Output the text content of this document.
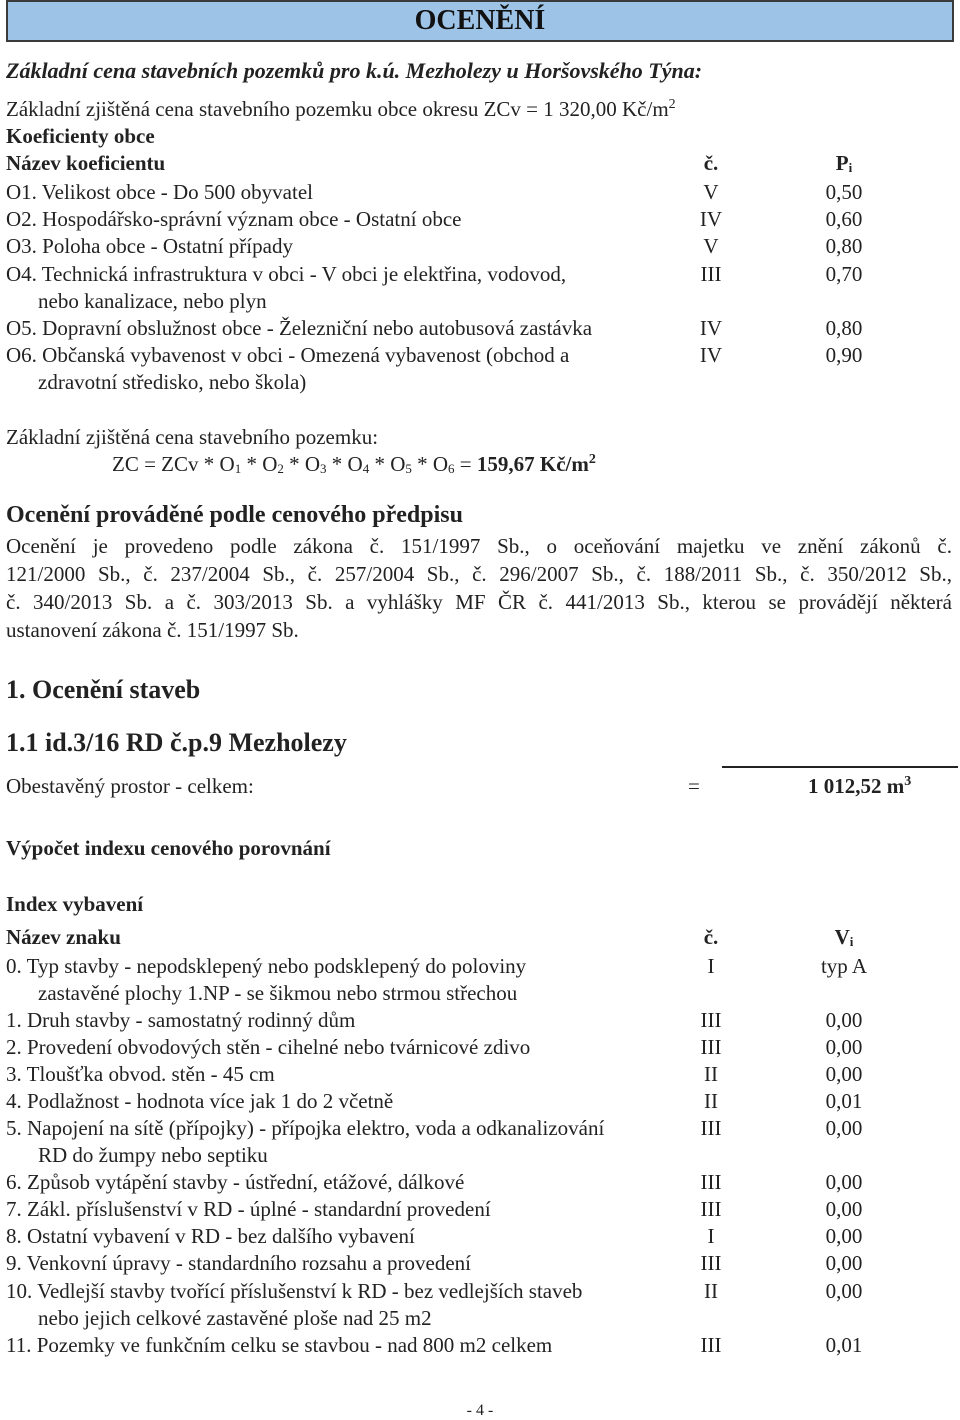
OCENĚNÍ
Základní cena stavebních pozemků pro k.ú. Mezholezy u Horšovského Týna:
Základní zjištěná cena stavebního pozemku obce okresu ZCv = 1 320,00 $Kč/m^2$
Koeficienty obce
Název koeficientu	č.	Pi
O1. Velikost obce - Do 500 obyvatel	V	0,50
O2. Hospodářsko-správní význam obce - Ostatní obce	IV	0,60
O3. Poloha obce - Ostatní případy	V	0,80
O4. Technická infrastruktura v obci - V obci je elektřina, vodovod,	III	0,70
nebo kanalizace, nebo plyn
O5. Dopravní obslužnost obce - Železniční nebo autobusová zastávka	IV	0,80
O6. Občanská vybavenost v obci - Omezená vybavenost (obchod a	IV	0,90
zdravotní středisko, nebo škola)
Základní zjištěná cena stavebního pozemku:
ZC = ZCv * O1 * O2 * O3 * O4 * O5 * O6 = 159,67 $Kč/m^2$
Ocenění prováděné podle cenového předpisu
Ocenění je provedeno podle zákona č. 151/1997 Sb., o oceňování majetku ve znění zákonů č.
121/2000 Sb., č. 237/2004 Sb., č. 257/2004 Sb., č. 296/2007 Sb., č. 188/2011 Sb., č. 350/2012 Sb.,
č. 340/2013 Sb. a č. 303/2013 Sb. a vyhlášky MF ČR č. 441/2013 Sb., kterou se provádějí některá
ustanovení zákona č. 151/1997 Sb.
1. Ocenění staveb
1.1 id.3/16 RD č.p.9 Mezholezy
Obestavěný prostor - celkem:	=	1 012,52 $m^3$
Výpočet indexu cenového porovnání
Index vybavení
Název znaku	č.	Vi
0. Typ stavby - nepodsklepený nebo podsklepený do poloviny	I	typ A
zastavěné plochy 1.NP - se šikmou nebo strmou střechou
1. Druh stavby - samostatný rodinný dům	III	0,00
2. Provedení obvodových stěn - cihelné nebo tvárnicové zdivo	III	0,00
3. Tloušťka obvod. stěn - 45 cm	II	0,00
4. Podlažnost - hodnota více jak 1 do 2 včetně	II	0,01
5. Napojení na sítě (přípojky) - přípojka elektro, voda a odkanalizování	III	0,00
RD do žumpy nebo septiku
6. Způsob vytápění stavby - ústřední, etážové, dálkové	III	0,00
7. Zákl. příslušenství v RD - úplné - standardní provedení	III	0,00
8. Ostatní vybavení v RD - bez dalšího vybavení	I	0,00
9. Venkovní úpravy - standardního rozsahu a provedení	III	0,00
10. Vedlejší stavby tvořící příslušenství k RD - bez vedlejších staveb	II	0,00
nebo jejich celkové zastavěné ploše nad 25 m2
11. Pozemky ve funkčním celku se stavbou - nad 800 m2 celkem	III	0,01
- 4 -
